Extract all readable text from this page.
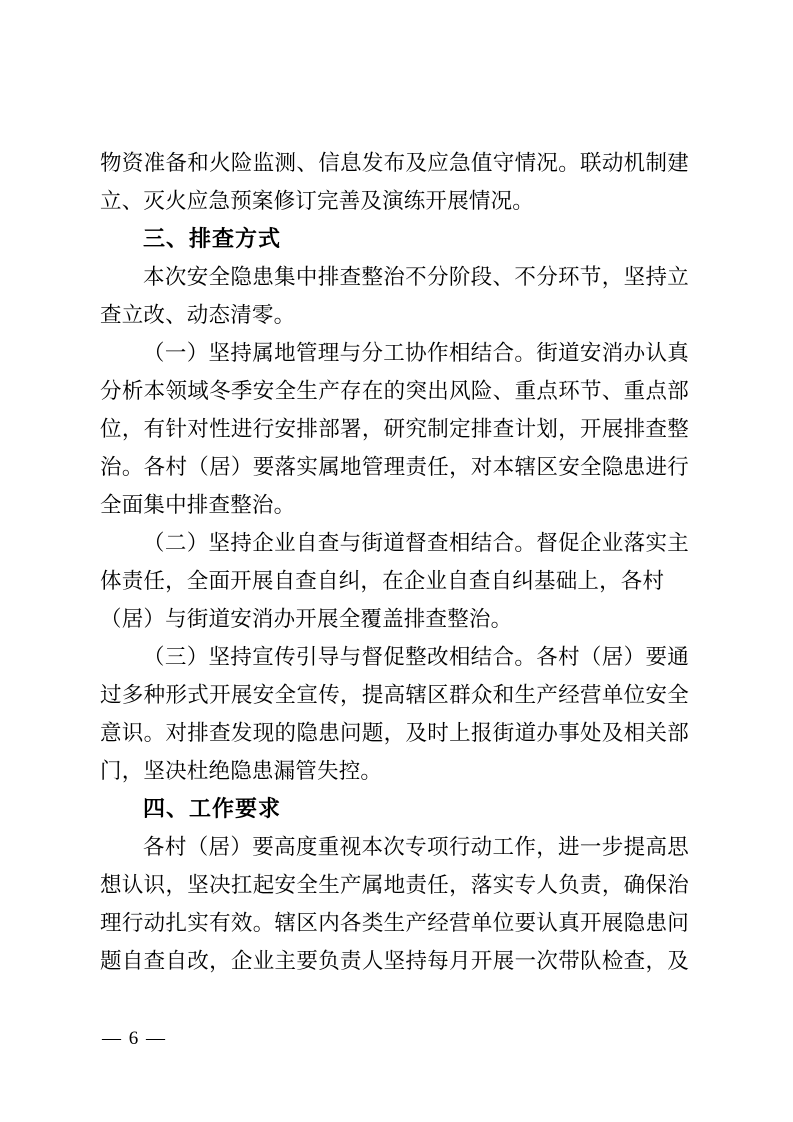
物资准备和火险监测、信息发布及应急值守情况。联动机制建
立、灭火应急预案修订完善及演练开展情况。
三、排查方式
本次安全隐患集中排查整治不分阶段、不分环节，坚持立
查立改、动态清零。
（一）坚持属地管理与分工协作相结合。街道安消办认真
分析本领域冬季安全生产存在的突出风险、重点环节、重点部
位，有针对性进行安排部署，研究制定排查计划，开展排查整
治。各村（居）要落实属地管理责任，对本辖区安全隐患进行
全面集中排查整治。
（二）坚持企业自查与街道督查相结合。督促企业落实主
体责任，全面开展自查自纠，在企业自查自纠基础上，各村
（居）与街道安消办开展全覆盖排查整治。
（三）坚持宣传引导与督促整改相结合。各村（居）要通
过多种形式开展安全宣传，提高辖区群众和生产经营单位安全
意识。对排查发现的隐患问题，及时上报街道办事处及相关部
门，坚决杜绝隐患漏管失控。
四、工作要求
各村（居）要高度重视本次专项行动工作，进一步提高思
想认识，坚决扛起安全生产属地责任，落实专人负责，确保治
理行动扎实有效。辖区内各类生产经营单位要认真开展隐患问
题自查自改，企业主要负责人坚持每月开展一次带队检查，及
— 6 —
